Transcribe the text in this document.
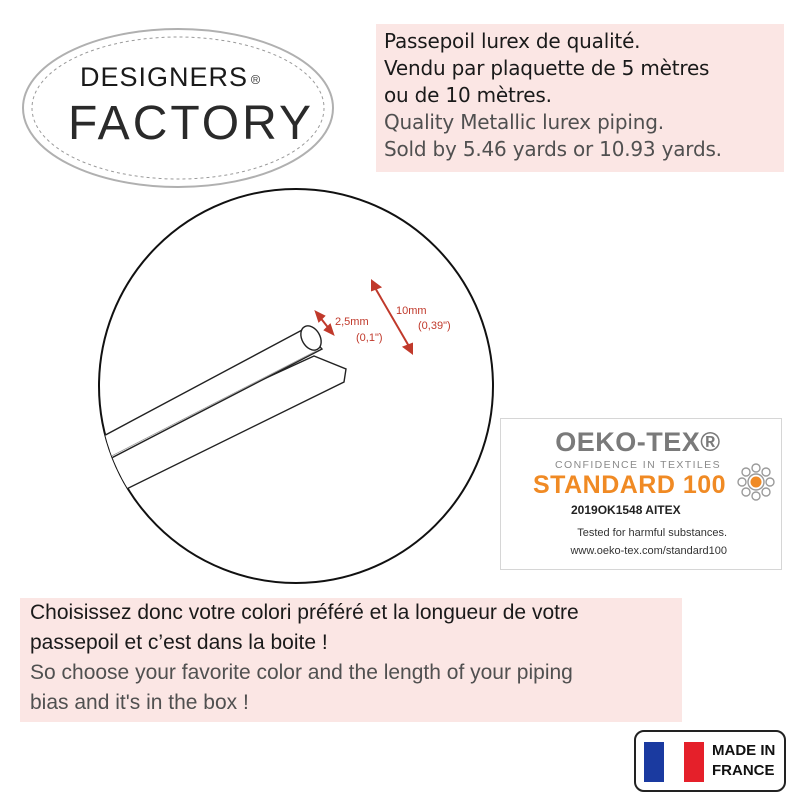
DESIGNERS R
FACTORY
Passepoil lurex de qualité.
Vendu par plaquette de 5 mètres
ou de 10 mètres.
Quality Metallic lurex piping.
Sold by 5.46 yards or 10.93 yards.
2,5mm
(0,1")
10mm
(0,39")
OEKO-TEX®
CONFIDENCE IN TEXTILES
STANDARD 100
2019OK1548 AITEX
Tested for harmful substances.
www.oeko-tex.com/standard100
Choisissez donc votre colori préféré et la longueur de votre
passepoil et c’est dans la boite !
So choose your favorite color and the length of your piping
bias and it's in the box !
MADE IN
FRANCE
